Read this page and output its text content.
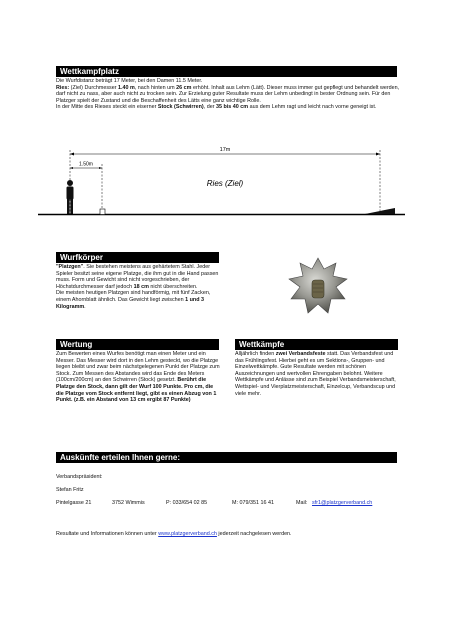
Wettkampfplatz

Die Wurfdistanz beträgt 17 Meter, bei den Damen 11.5 Meter.

Ries: (Ziel) Durchmesser 1.40 m, nach hinten um 26 cm erhöht. Inhalt aus Lehm (Lätt). Dieser muss immer gut gepflegt und behandelt werden, darf nicht zu nass, aber auch nicht zu trocken sein. Zur Erzielung guter Resultate muss der Lehm unbedingt in bester Ordnung sein. Für den Platzger spielt der Zustand und die Beschaffenheit des Lätts eine ganz wichtige Rolle.

In der Mitte des Rieses steckt ein eiserner Stock (Schwirren), der 35 bis 40 cm aus dem Lehm ragt und leicht nach vorne geneigt ist.

17m
1.50m
Ries (Ziel)
Wurfkörper

"Platzgen". Sie bestehen meistens aus gehärtetem Stahl. Jeder Spieler besitzt seine eigene Platzge, die ihm gut in die Hand passen muss. Form und Gewicht sind nicht vorgeschrieben, der Höchstdurchmesser darf jedoch 18 cm nicht überschreiten.

Die meisten heutigen Platzgen sind handförmig, mit fünf Zacken, einem Ahornblatt ähnlich. Das Gewicht liegt zwischen 1 und 3 Kilogramm.

Wertung

Zum Bewerten eines Wurfes benötigt man einen Meter und ein Messer. Das Messer wird dort in den Lehm gesteckt, wo die Platzge liegen bleibt und zwar beim nächstgelegenen Punkt der Platzge zum Stock. Zum Messen des Abstandes wird das Ende des Meters (100cm/200cm) an den Schwirren (Stock) gesetzt. Berührt die Platzge den Stock, dann gilt der Wurf 100 Punkte. Pro cm, die die Platzge vom Stock entfernt liegt, gibt es einen Abzug von 1 Punkt. (z.B. ein Abstand von 13 cm ergibt 87 Punkte)

Wettkämpfe

Alljährlich finden zwei Verbandsfeste statt. Das Verbandsfest und das Frühlingsfest. Hierbei geht es um Sektions-, Gruppen- und Einzelwettkämpfe. Gute Resultate werden mit schönen Auszeichnungen und wertvollen Ehrengaben belohnt. Weitere Wettkämpfe und Anlässe sind zum Beispiel Verbandsmeisterschaft, Wettspiel- und Vierplatzmeisterschaft, Einzelcup, Verbandscup und viele mehr.

Auskünfte erteilen Ihnen gerne:
Verbandspräsident:
Stefan Fritz
Pintelgasse 21	3752 Wimmis	P: 033/654 02 85	M: 079/351 16 41	Mail: sfr1@platzgerverband.ch
Resultate und Informationen können unter www.platzgerverband.ch jederzeit nachgelesen werden.
